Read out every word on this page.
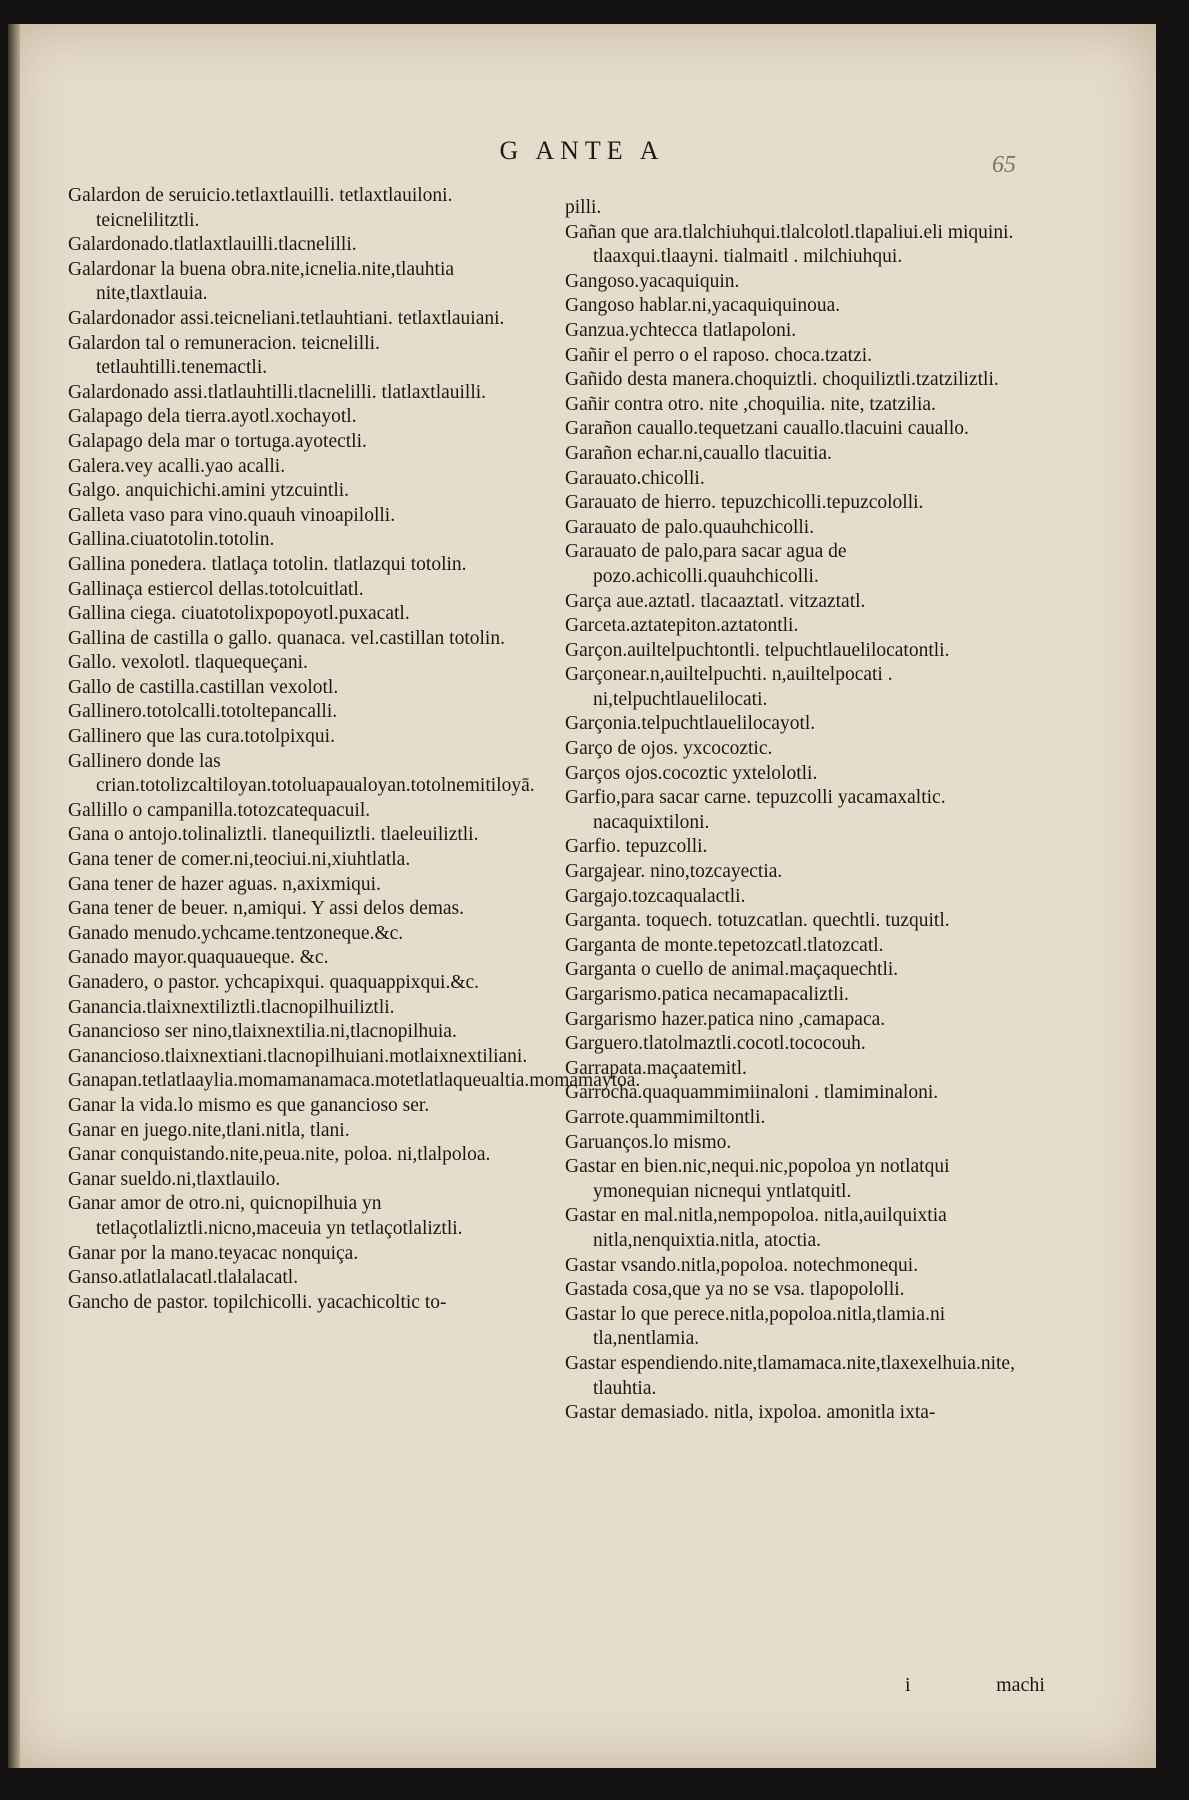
G ANTE A	65

Galardon de seruicio.tetlaxtlauilli. tetlaxtlauiloni. teicnelilitztli.

Galardonado.tlatlaxtlauilli.tlacnelilli.

Galardonar la buena obra.nite,icnelia.nite,tlauhtia nite,tlaxtlauia.

Galardonador assi.teicneliani.tetlauhtiani. tetlaxtlauiani.

Galardon tal o remuneracion. teicnelilli. tetlauhtilli.tenemactli.

Galardonado assi.tlatlauhtilli.tlacnelilli. tlatlaxtlauilli.

Galapago dela tierra.ayotl.xochayotl.

Galapago dela mar o tortuga.ayotectli.

Galera.vey acalli.yao acalli.

Galgo. anquichichi.amini ytzcuintli.

Galleta vaso para vino.quauh vinoapilolli.

Gallina.ciuatotolin.totolin.

Gallina ponedera. tlatlaça totolin. tlatlazqui totolin.

Gallinaça estiercol dellas.totolcuitlatl.

Gallina ciega. ciuatotolixpopoyotl.puxacatl.

Gallina de castilla o gallo. quanaca. vel.castillan totolin.

Gallo. vexolotl. tlaquequeçani.

Gallo de castilla.castillan vexolotl.

Gallinero.totolcalli.totoltepancalli.

Gallinero que las cura.totolpixqui.

Gallinero donde las crian.totolizcaltiloyan.totoluapaualoyan.totolnemitiloyā.

Gallillo o campanilla.totozcatequacuil.

Gana o antojo.tolinaliztli. tlanequiliztli. tlaeleuiliztli.

Gana tener de comer.ni,teociui.ni,xiuhtlatla.

Gana tener de hazer aguas. n,axixmiqui.

Gana tener de beuer. n,amiqui. Y assi delos demas.

Ganado menudo.ychcame.tentzoneque.&c.

Ganado mayor.quaquaueque. &c.

Ganadero, o pastor. ychcapixqui. quaquappixqui.&c.

Ganancia.tlaixnextiliztli.tlacnopilhuiliztli.

Ganancioso ser nino,tlaixnextilia.ni,tlacnopilhuia.

Gananciosо.tlaixnextiani.tlacnopilhuiani.motlaixnextiliani.

Ganapan.tetlatlaaylia.momamanamaca.motetlatlaqueualtia.momamaytoa.

Ganar la vida.lo mismo es que ganancioso ser.

Ganar en juego.nite,tlani.nitla, tlani.

Ganar conquistando.nite,peua.nite, poloa. ni,tlalpoloa.

Ganar sueldo.ni,tlaxtlauilo.

Ganar amor de otro.ni, quicnopilhuia yn tetlaçotlaliztli.nicno,maceuia yn tetlaçotlaliztli.

Ganar por la mano.teyacac nonquiça.

Ganso.atlatlalacatl.tlalalacatl.

Gancho de pastor. topilchicolli. yacachicoltic to-

pilli.

Gañan que ara.tlalchiuhqui.tlalcolotl.tlapaliui.eli miquini. tlaaxqui.tlaayni. tialmaitl . milchiuhqui.

Gangoso.yacaquiquin.

Gangoso hablar.ni,yacaquiquinoua.

Ganzua.ychtecca tlatlapoloni.

Gañir el perro o el raposo. choca.tzatzi.

Gañido desta manera.choquiztli. choquiliztli.tzatziliztli.

Gañir contra otro. nite ,choquilia. nite, tzatzilia.

Garañon cauallo.tequetzani cauallo.tlacuini cauallo.

Garañon echar.ni,cauallo tlacuitia.

Garauato.chicolli.

Garauato de hierro. tepuzchicolli.tepuzcololli.

Garauato de palo.quauhchicolli.

Garauato de palo,para sacar agua de pozo.achicolli.quauhchicolli.

Garça aue.aztatl. tlacaaztatl. vitzaztatl.

Garceta.aztatepiton.aztatontli.

Garçon.auiltelpuchtontli. telpuchtlauelilocatontli.

Garçonear.n,auiltelpuchti. n,auiltelpocati . ni,telpuchtlauelilocati.

Garçonia.telpuchtlauelilocayotl.

Garço de ojos. yxcocoztic.

Garços ojos.cocoztic yxtelolotli.

Garfio,para sacar carne. tepuzcolli yacamaxaltic. nacaquixtiloni.

Garfio. tepuzcolli.

Gargajear. nino,tozcayectia.

Gargajo.tozcaqualactli.

Garganta. toquech. totuzcatlan. quechtli. tuzquitl.

Garganta de monte.tepetozcatl.tlatozcatl.

Garganta o cuello de animal.maçaquechtli.

Gargarismo.patica necamapacaliztli.

Gargarismo hazer.patica nino ,camapaca.

Garguero.tlatolmaztli.cocotl.tococouh.

Garrapata.maçaatemitl.

Garrocha.quaquammimiinaloni . tlamiminaloni.

Garrote.quammimiltontli.

Garuanços.lo mismo.

Gastar en bien.nic,nequi.nic,popoloa yn notlatqui ymonequian nicnequi yntlatquitl.

Gastar en mal.nitla,nempopoloa. nitla,auilquixtia nitla,nenquixtia.nitla, atoctia.

Gastar vsando.nitla,popoloa. notechmonequi.

Gastada cosa,que ya no se vsa. tlapopololli.

Gastar lo que perece.nitla,popoloa.nitla,tlamia.ni tla,nentlamia.

Gastar espendiendo.nite,tlamamaca.nite,tlaxexelhuia.nite, tlauhtia.

Gastar demasiado. nitla, ixpoloa. amonitla ixta-

i	machi
